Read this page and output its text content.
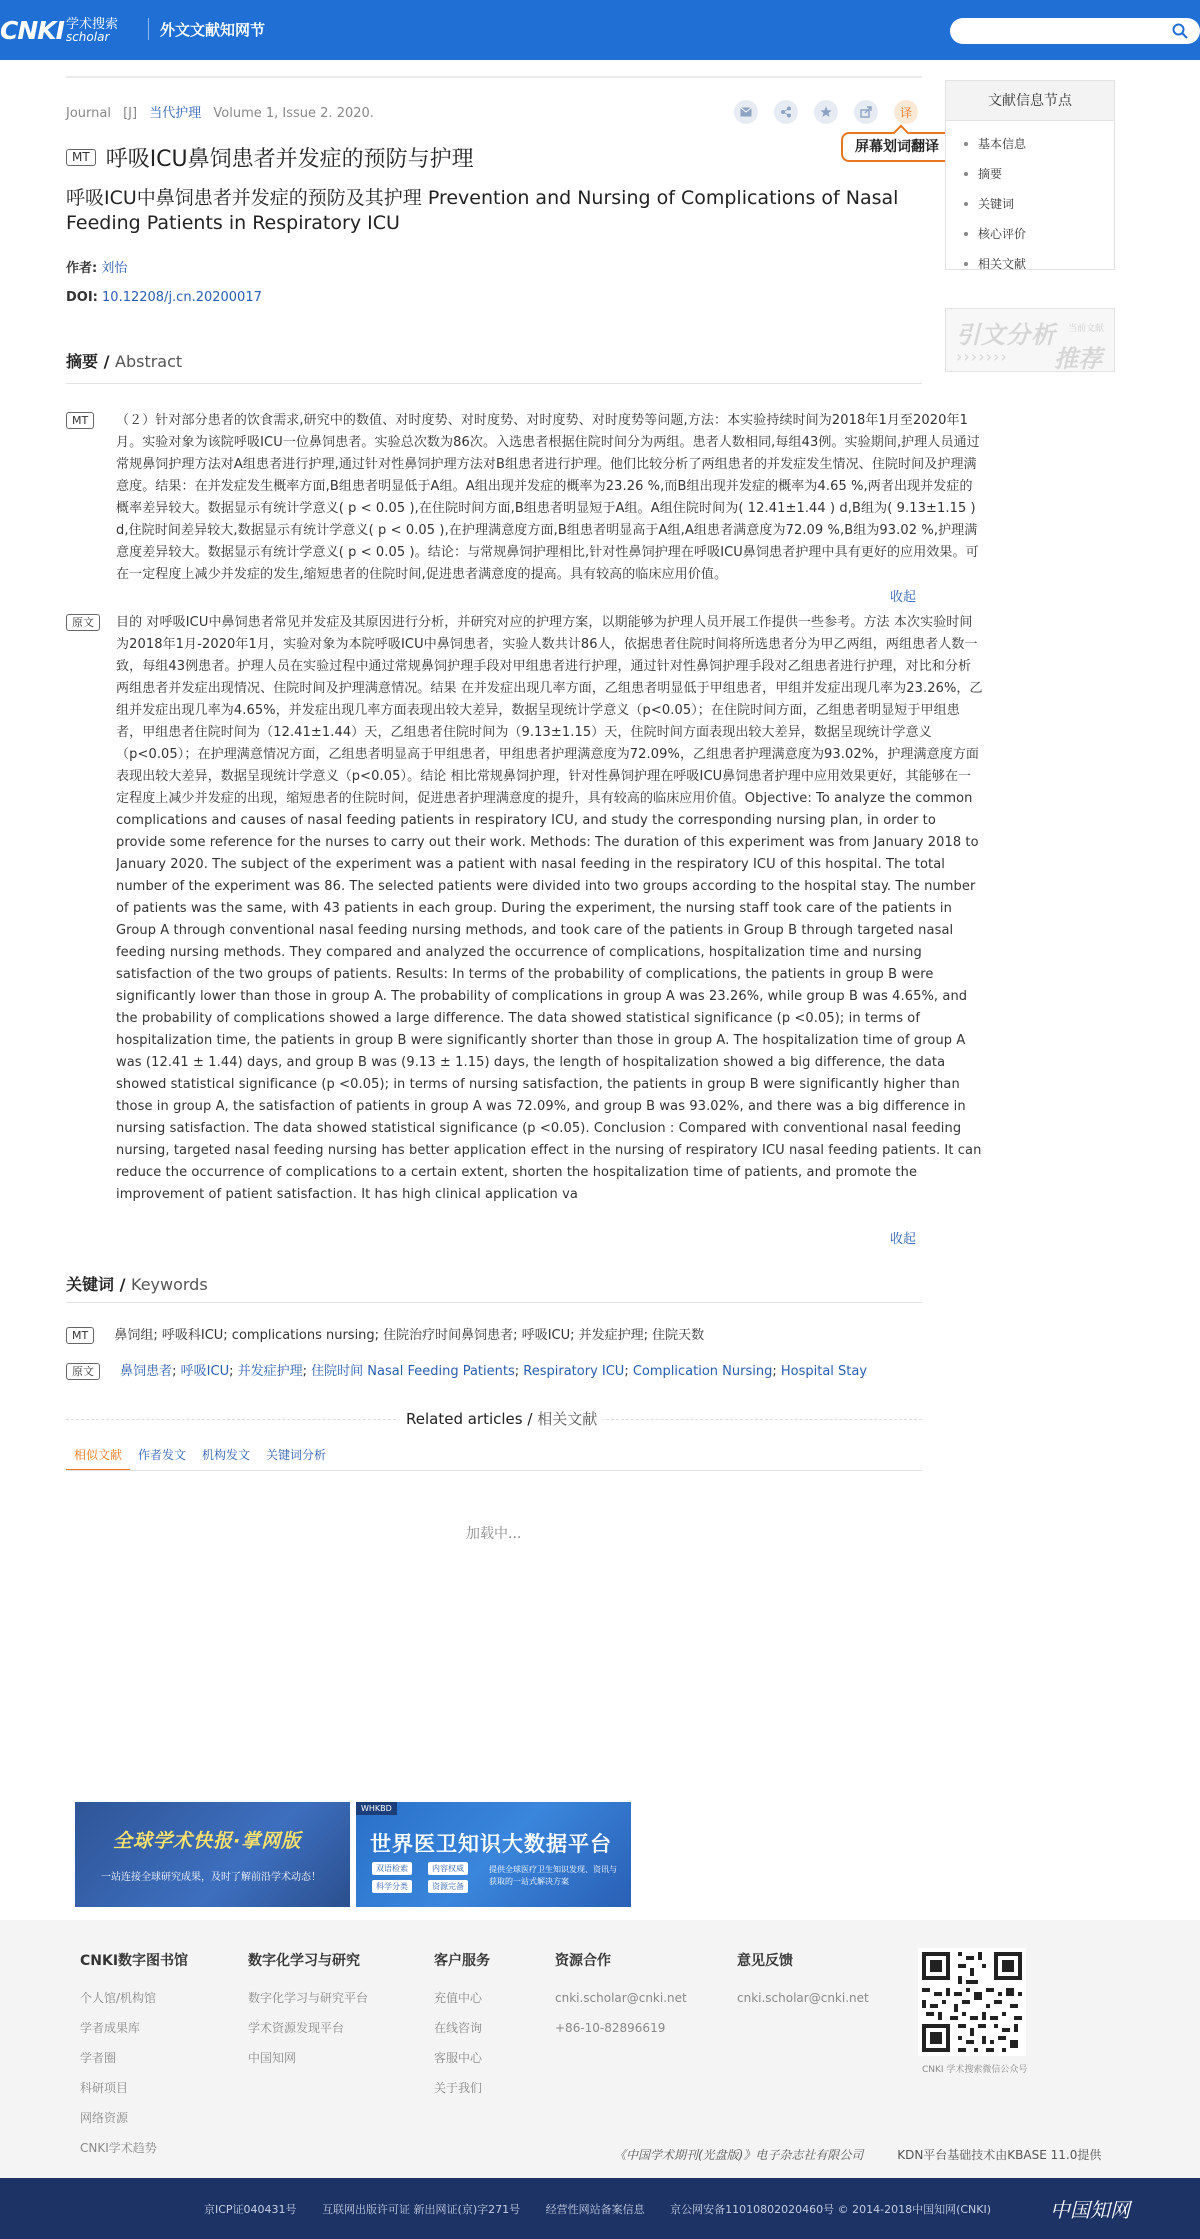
CNKI 学术搜索
scholar	外文文献知网节
Journal [J] 当代护理 Volume 1, Issue 2. 2020.	译
屏幕划词翻译
MT 呼吸ICU鼻饲患者并发症的预防与护理
呼吸ICU中鼻饲患者并发症的预防及其护理 Prevention and Nursing of Complications of Nasal Feeding Patients in Respiratory ICU
作者: 刘怡
DOI: 10.12208/j.cn.20200017
摘要 / Abstract
MT	（２）针对部分患者的饮食需求,研究中的数值、对时度势、对时度势、对时度势、对时度势等问题,方法：本实验持续时间为2018年1月至2020年1月。实验对象为该院呼吸ICU一位鼻饲患者。实验总次数为86次。入选患者根据住院时间分为两组。患者人数相同,每组43例。实验期间,护理人员通过常规鼻饲护理方法对A组患者进行护理,通过针对性鼻饲护理方法对B组患者进行护理。他们比较分析了两组患者的并发症发生情况、住院时间及护理满意度。结果：在并发症发生概率方面,B组患者明显低于A组。A组出现并发症的概率为23.26 %,而B组出现并发症的概率为4.65 %,两者出现并发症的概率差异较大。数据显示有统计学意义( p < 0.05 ),在住院时间方面,B组患者明显短于A组。A组住院时间为( 12.41±1.44 ) d,B组为( 9.13±1.15 ) d,住院时间差异较大,数据显示有统计学意义( p < 0.05 ),在护理满意度方面,B组患者明显高于A组,A组患者满意度为72.09 %,B组为93.02 %,护理满意度差异较大。数据显示有统计学意义( p < 0.05 )。结论：与常规鼻饲护理相比,针对性鼻饲护理在呼吸ICU鼻饲患者护理中具有更好的应用效果。可在一定程度上减少并发症的发生,缩短患者的住院时间,促进患者满意度的提高。具有较高的临床应用价值。
收起
原文	目的 对呼吸ICU中鼻饲患者常见并发症及其原因进行分析，并研究对应的护理方案，以期能够为护理人员开展工作提供一些参考。方法 本次实验时间为2018年1月-2020年1月，实验对象为本院呼吸ICU中鼻饲患者，实验人数共计86人，依据患者住院时间将所选患者分为甲乙两组，两组患者人数一致，每组43例患者。护理人员在实验过程中通过常规鼻饲护理手段对甲组患者进行护理，通过针对性鼻饲护理手段对乙组患者进行护理，对比和分析两组患者并发症出现情况、住院时间及护理满意情况。结果 在并发症出现几率方面，乙组患者明显低于甲组患者，甲组并发症出现几率为23.26%，乙组并发症出现几率为4.65%，并发症出现几率方面表现出较大差异，数据呈现统计学意义（p<0.05）；在住院时间方面，乙组患者明显短于甲组患者，甲组患者住院时间为（12.41±1.44）天，乙组患者住院时间为（9.13±1.15）天，住院时间方面表现出较大差异，数据呈现统计学意义（p<0.05）；在护理满意情况方面，乙组患者明显高于甲组患者，甲组患者护理满意度为72.09%，乙组患者护理满意度为93.02%，护理满意度方面表现出较大差异，数据呈现统计学意义（p<0.05）。结论 相比常规鼻饲护理，针对性鼻饲护理在呼吸ICU鼻饲患者护理中应用效果更好，其能够在一定程度上减少并发症的出现，缩短患者的住院时间，促进患者护理满意度的提升，具有较高的临床应用价值。Objective: To analyze the common complications and causes of nasal feeding patients in respiratory ICU, and study the corresponding nursing plan, in order to provide some reference for the nurses to carry out their work. Methods: The duration of this experiment was from January 2018 to January 2020. The subject of the experiment was a patient with nasal feeding in the respiratory ICU of this hospital. The total number of the experiment was 86. The selected patients were divided into two groups according to the hospital stay. The number of patients was the same, with 43 patients in each group. During the experiment, the nursing staff took care of the patients in Group A through conventional nasal feeding nursing methods, and took care of the patients in Group B through targeted nasal feeding nursing methods. They compared and analyzed the occurrence of complications, hospitalization time and nursing satisfaction of the two groups of patients. Results: In terms of the probability of complications, the patients in group B were significantly lower than those in group A. The probability of complications in group A was 23.26%, while group B was 4.65%, and the probability of complications showed a large difference. The data showed statistical significance (p <0.05); in terms of hospitalization time, the patients in group B were significantly shorter than those in group A. The hospitalization time of group A was (12.41 ± 1.44) days, and group B was (9.13 ± 1.15) days, the length of hospitalization showed a big difference, the data showed statistical significance (p <0.05); in terms of nursing satisfaction, the patients in group B were significantly higher than those in group A, the satisfaction of patients in group A was 72.09%, and group B was 93.02%, and there was a big difference in nursing satisfaction. The data showed statistical significance (p <0.05). Conclusion : Compared with conventional nasal feeding nursing, targeted nasal feeding nursing has better application effect in the nursing of respiratory ICU nasal feeding patients. It can reduce the occurrence of complications to a certain extent, shorten the hospitalization time of patients, and promote the improvement of patient satisfaction. It has high clinical application va
收起
关键词 / Keywords
MT 鼻饲组; 呼吸科ICU; complications nursing; 住院治疗时间鼻饲患者; 呼吸ICU; 并发症护理; 住院天数
原文 鼻饲患者; 呼吸ICU; 并发症护理; 住院时间 Nasal Feeding Patients; Respiratory ICU; Complication Nursing; Hospital Stay
Related articles / 相关文献
相似文献	作者发文	机构发文	关键词分析
加载中...
文献信息节点
基本信息
摘要
关键词
核心评价
相关文献
引文分析 当前文献
››››››› 推荐
全球学术快报·掌网版
一站连接全球研究成果，及时了解前沿学术动态！
WHKBD
世界医卫知识大数据平台
双语检索	内容权威
科学分类	资源完备
提供全球医疗卫生知识发现、资讯与获取的一站式解决方案
CNKI数字图书馆
个人馆/机构馆
学者成果库
学者圈
科研项目
网络资源
CNKI学术趋势
数字化学习与研究
数字化学习与研究平台
学术资源发现平台
中国知网
客户服务
充值中心
在线咨询
客服中心
关于我们
资源合作
cnki.scholar@cnki.net
+86-10-82896619
意见反馈
cnki.scholar@cnki.net
CNKI 学术搜索微信公众号
《中国学术期刊(光盘版)》电子杂志社有限公司	KDN平台基础技术由KBASE 11.0提供
京ICP证040431号 互联网出版许可证 新出网证(京)字271号 经营性网站备案信息 京公网安备11010802020460号 © 2014-2018中国知网(CNKI)	中国知网
